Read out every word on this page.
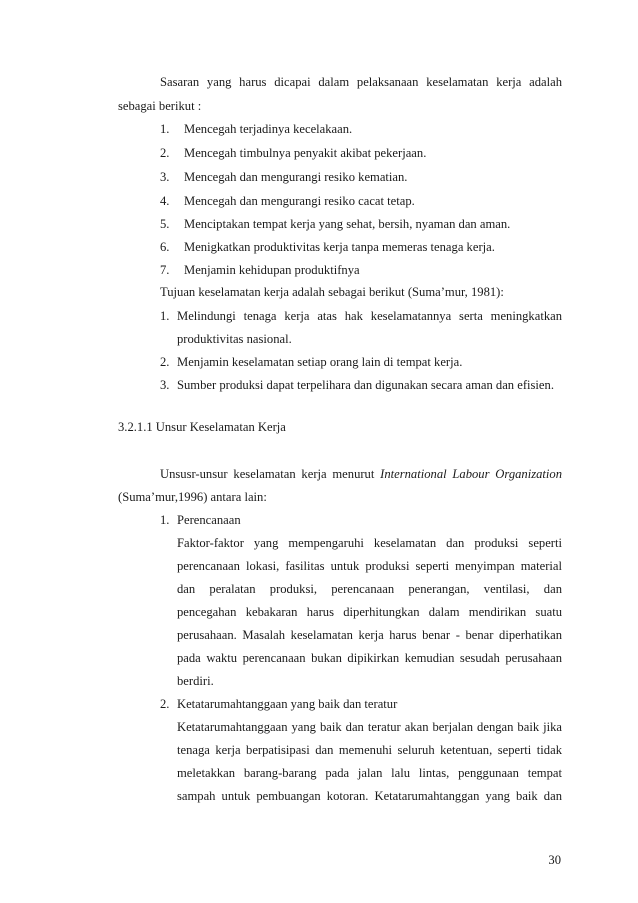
Sasaran yang harus dicapai dalam pelaksanaan keselamatan kerja adalah
sebagai berikut :
1. Mencegah terjadinya kecelakaan.
2. Mencegah timbulnya penyakit akibat pekerjaan.
3. Mencegah dan mengurangi resiko kematian.
4. Mencegah dan mengurangi resiko cacat tetap.
5. Menciptakan tempat kerja yang sehat, bersih, nyaman dan aman.
6. Menigkatkan produktivitas kerja tanpa memeras tenaga kerja.
7. Menjamin kehidupan produktifnya
Tujuan keselamatan kerja adalah sebagai berikut (Suma’mur, 1981):
1. Melindungi tenaga kerja atas hak keselamatannya serta meningkatkan
produktivitas nasional.
2. Menjamin keselamatan setiap orang lain di tempat kerja.
3. Sumber produksi dapat terpelihara dan digunakan secara aman dan efisien.
3.2.1.1 Unsur Keselamatan Kerja
Unsusr-unsur keselamatan kerja menurut International Labour Organization
(Suma’mur,1996) antara lain:
1. Perencanaan
Faktor-faktor yang mempengaruhi keselamatan dan produksi seperti
perencanaan lokasi, fasilitas untuk produksi seperti menyimpan material
dan peralatan produksi, perencanaan penerangan, ventilasi, dan
pencegahan kebakaran harus diperhitungkan dalam mendirikan suatu
perusahaan. Masalah keselamatan kerja harus benar - benar diperhatikan
pada waktu perencanaan bukan dipikirkan kemudian sesudah perusahaan
berdiri.
2. Ketatarumahtanggaan yang baik dan teratur
Ketatarumahtanggaan yang baik dan teratur akan berjalan dengan baik jika
tenaga kerja berpatisipasi dan memenuhi seluruh ketentuan, seperti tidak
meletakkan barang-barang pada jalan lalu lintas, penggunaan tempat
sampah untuk pembuangan kotoran. Ketatarumahtanggan yang baik dan
30
